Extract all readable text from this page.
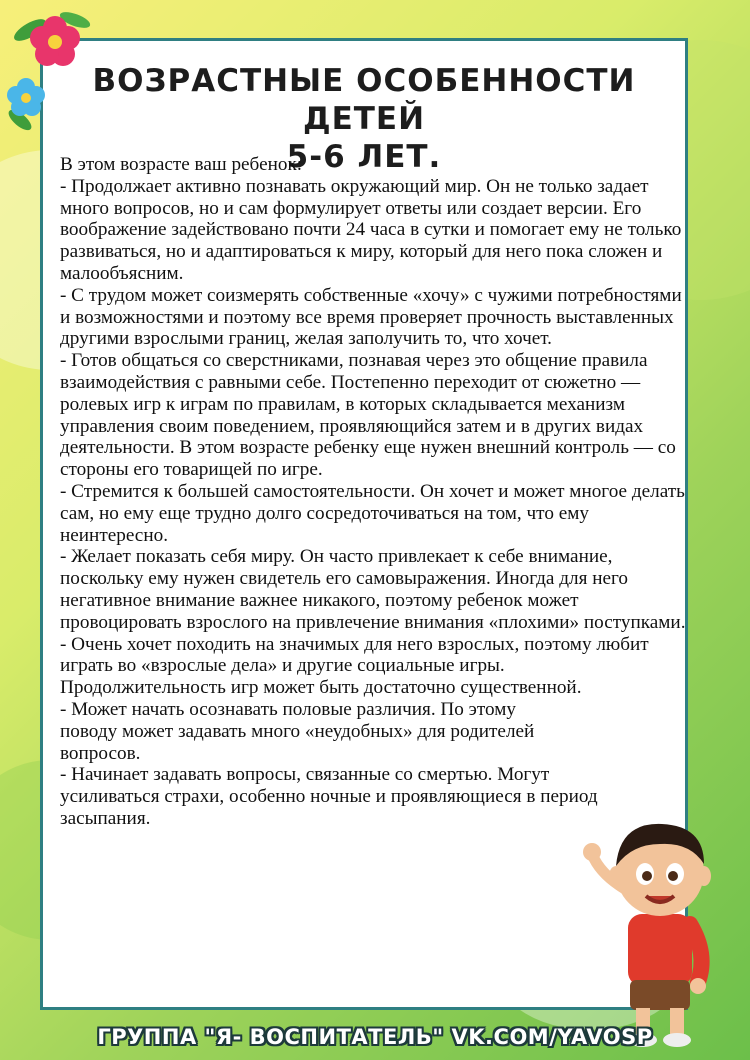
ВОЗРАСТНЫЕ ОСОБЕННОСТИ ДЕТЕЙ
5-6 ЛЕТ.

В этом возрасте ваш ребенок:

- Продолжает активно познавать окружающий мир. Он не только задает много вопросов, но и сам формулирует ответы или создает версии. Его воображение задействовано почти 24 часа в сутки и помогает ему не только развиваться, но и адаптироваться к миру, который для него пока сложен и малообъясним.

- С трудом может соизмерять собственные «хочу» с чужими потребностями и возможностями и поэтому все время проверяет прочность выставленных другими взрослыми границ, желая заполучить то, что хочет.

- Готов общаться со сверстниками, познавая через это общение правила взаимодействия с равными себе. Постепенно переходит от сюжетно — ролевых игр к играм по правилам, в которых складывается механизм управления своим поведением, проявляющийся затем и в других видах деятельности. В этом возрасте ребенку еще нужен внешний контроль — со стороны его товарищей по игре.

- Стремится к большей самостоятельности. Он хочет и может многое делать сам, но ему еще трудно долго сосредоточиваться на том, что ему неинтересно.

- Желает показать себя миру. Он часто привлекает к себе внимание, поскольку ему нужен свидетель его самовыражения. Иногда для него негативное внимание важнее никакого, поэтому ребенок может провоцировать взрослого на привлечение внимания «плохими» поступками.

- Очень хочет походить на значимых для него взрослых, поэтому любит играть во «взрослые дела» и другие социальные игры. Продолжительность игр может быть достаточно существенной.

- Может начать осознавать половые различия. По этому поводу может задавать много «неудобных» для родителей вопросов.

- Начинает задавать вопросы, связанные со смертью. Могут усиливаться страхи, особенно ночные и проявляющиеся в период засыпания.

ГРУППА "Я- ВОСПИТАТЕЛЬ" VK.COM/YAVOSP
